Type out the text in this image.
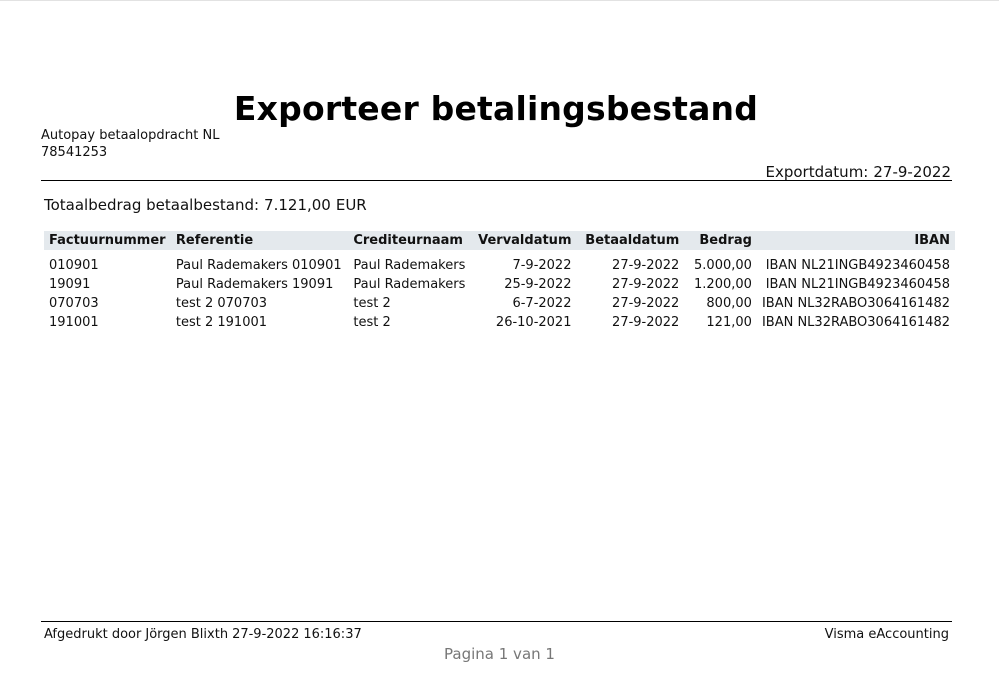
Exporteer betalingsbestand
Autopay betaalopdracht NL
78541253
Exportdatum: 27-9-2022
Totaalbedrag betaalbestand: 7.121,00 EUR
Factuurnummer	Referentie	Crediteurnaam	Vervaldatum	Betaaldatum	Bedrag	IBAN
010901	Paul Rademakers 010901	Paul Rademakers	7-9-2022	27-9-2022	5.000,00	IBAN NL21INGB4923460458
19091	Paul Rademakers 19091	Paul Rademakers	25-9-2022	27-9-2022	1.200,00	IBAN NL21INGB4923460458
070703	test 2 070703	test 2	6-7-2022	27-9-2022	800,00	IBAN NL32RABO3064161482
191001	test 2 191001	test 2	26-10-2021	27-9-2022	121,00	IBAN NL32RABO3064161482
Afgedrukt door Jörgen Blixth 27-9-2022 16:16:37	Visma eAccounting
Pagina 1 van 1
